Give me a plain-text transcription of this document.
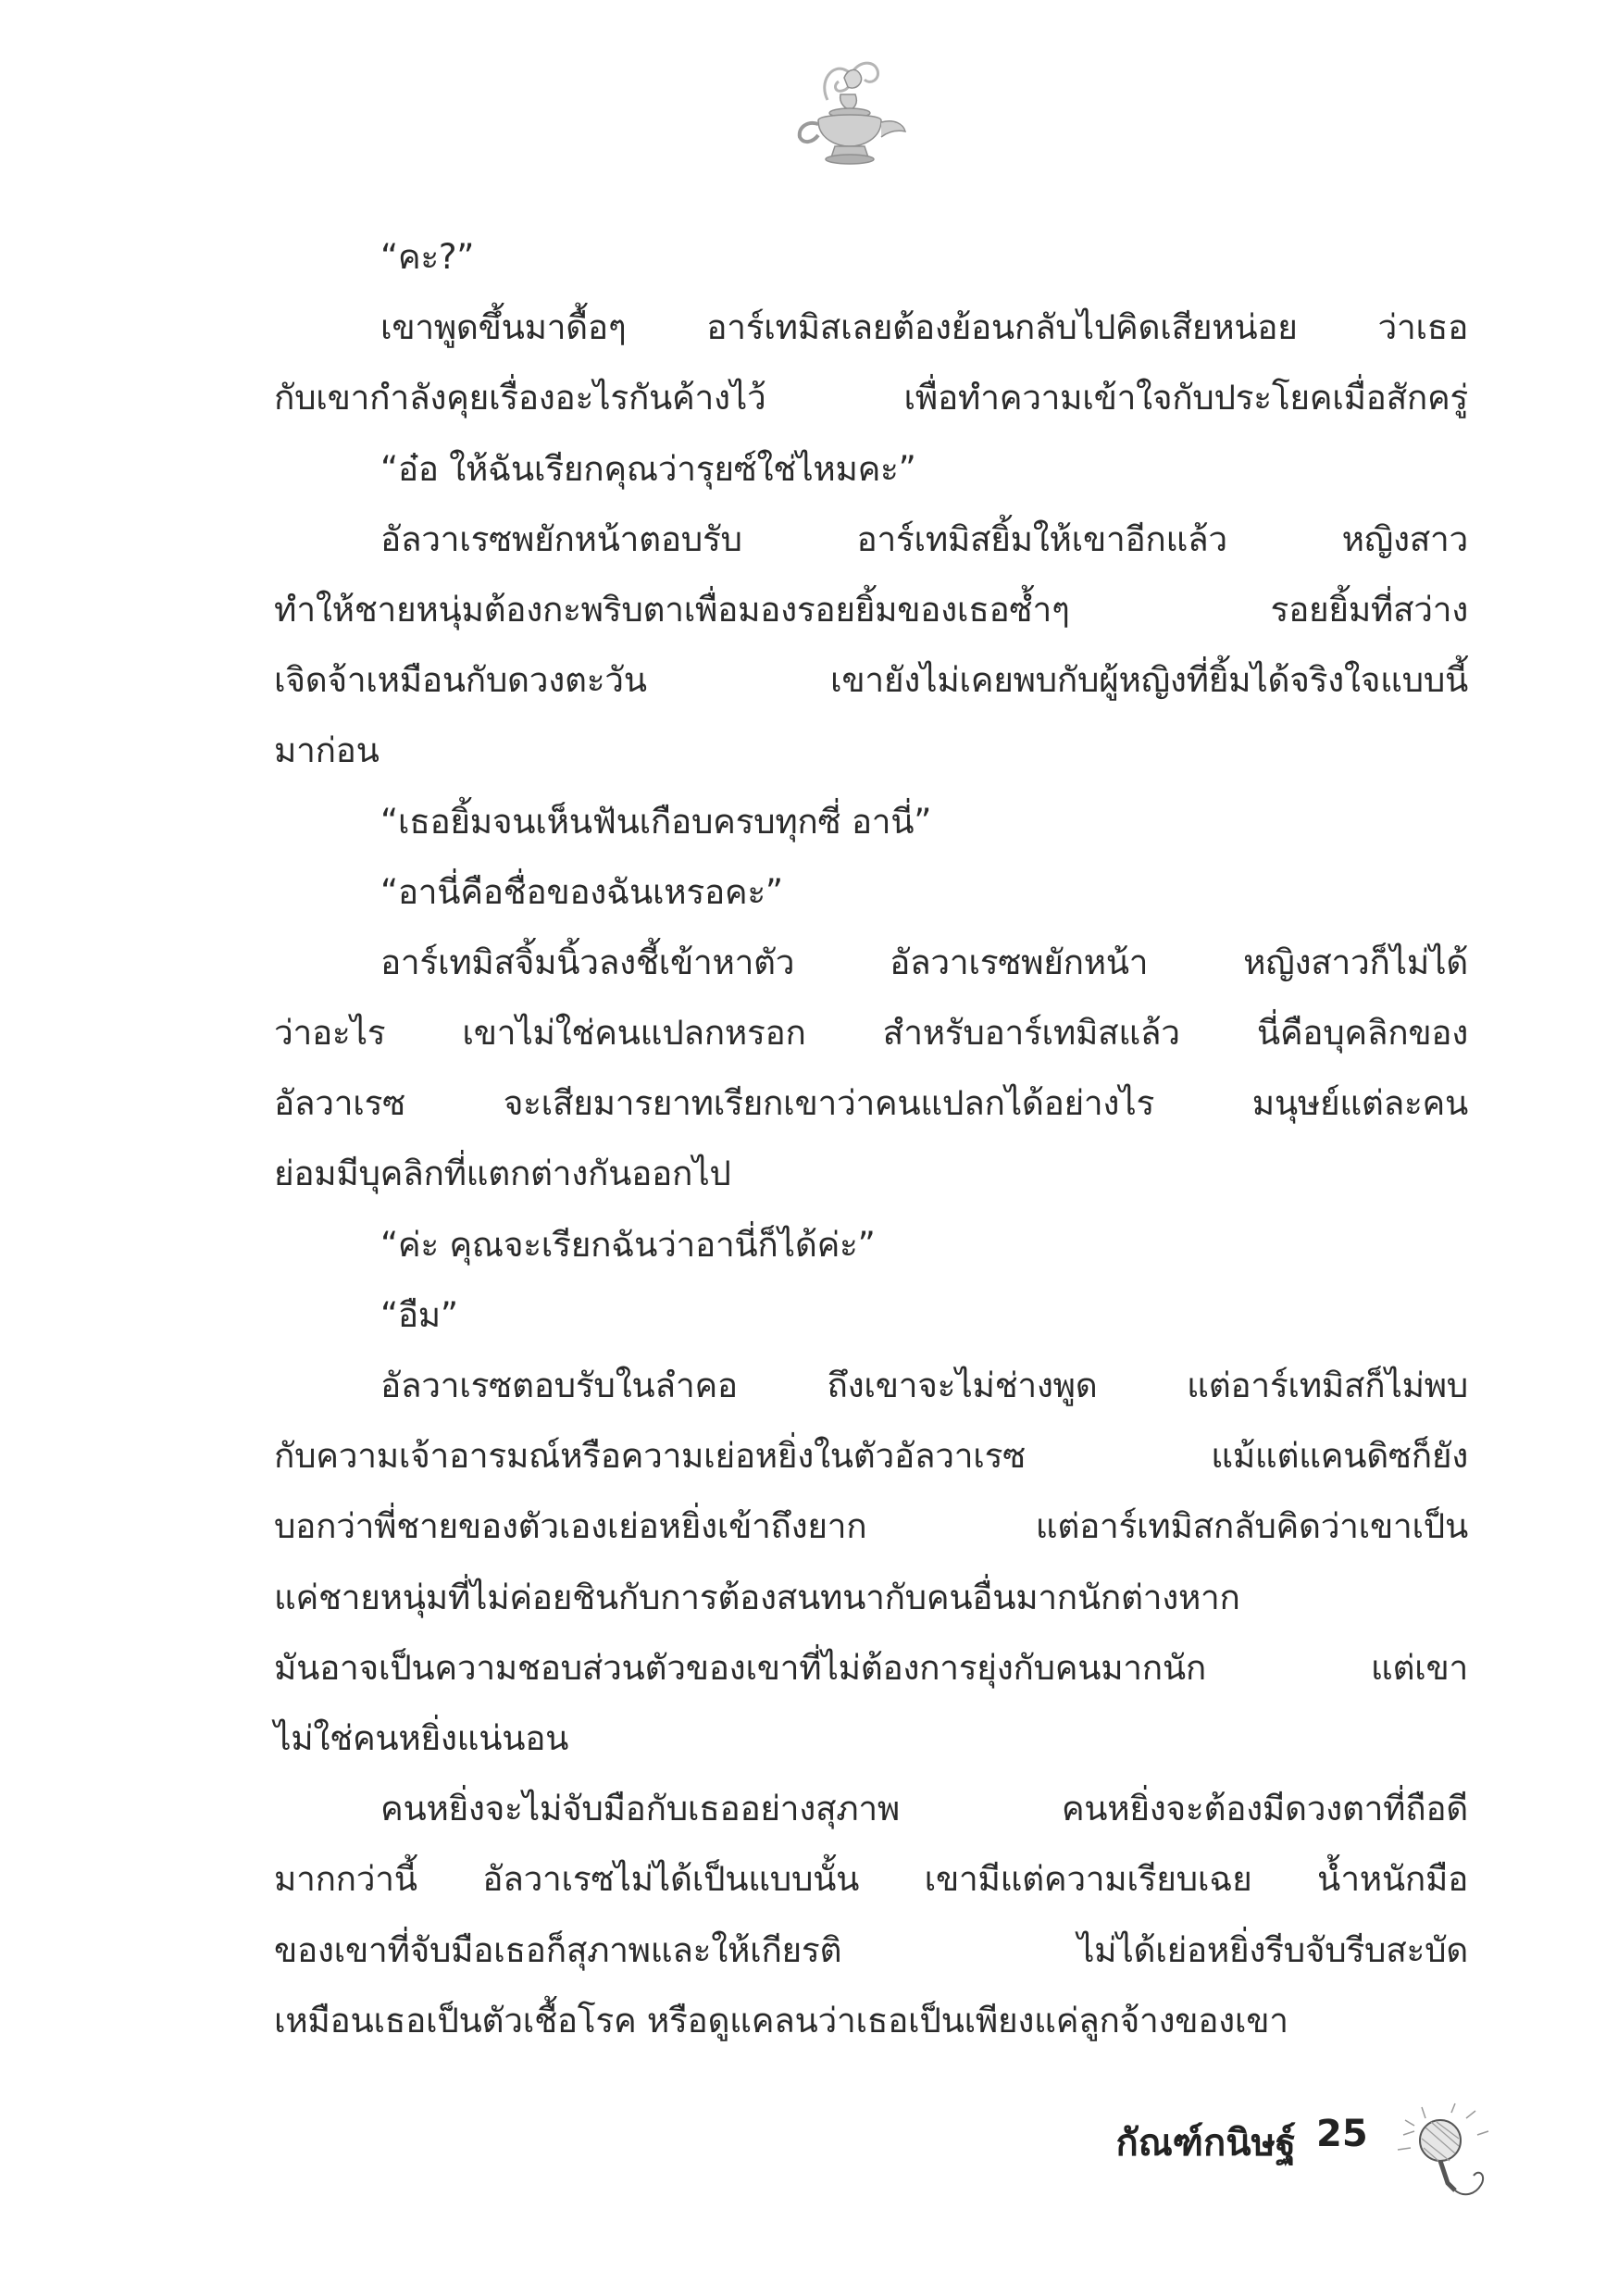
“คะ?”
เขาพูดขึ้นมาดื้อๆ อาร์เทมิสเลยต้องย้อนกลับไปคิดเสียหน่อย ว่าเธอ
กับเขากำลังคุยเรื่องอะไรกันค้างไว้ เพื่อทำความเข้าใจกับประโยคเมื่อสักครู่
“อ๋อ ให้ฉันเรียกคุณว่ารุยซ์ใช่ไหมคะ”
อัลวาเรซพยักหน้าตอบรับ อาร์เทมิสยิ้มให้เขาอีกแล้ว หญิงสาว
ทำให้ชายหนุ่มต้องกะพริบตาเพื่อมองรอยยิ้มของเธอซ้ำๆ รอยยิ้มที่สว่าง
เจิดจ้าเหมือนกับดวงตะวัน เขายังไม่เคยพบกับผู้หญิงที่ยิ้มได้จริงใจแบบนี้
มาก่อน
“เธอยิ้มจนเห็นฟันเกือบครบทุกซี่ อานี่”
“อานี่คือชื่อของฉันเหรอคะ”
อาร์เทมิสจิ้มนิ้วลงชี้เข้าหาตัว อัลวาเรซพยักหน้า หญิงสาวก็ไม่ได้
ว่าอะไร เขาไม่ใช่คนแปลกหรอก สำหรับอาร์เทมิสแล้ว นี่คือบุคลิกของ
อัลวาเรซ จะเสียมารยาทเรียกเขาว่าคนแปลกได้อย่างไร มนุษย์แต่ละคน
ย่อมมีบุคลิกที่แตกต่างกันออกไป
“ค่ะ คุณจะเรียกฉันว่าอานี่ก็ได้ค่ะ”
“อืม”
อัลวาเรซตอบรับในลำคอ ถึงเขาจะไม่ช่างพูด แต่อาร์เทมิสก็ไม่พบ
กับความเจ้าอารมณ์หรือความเย่อหยิ่งในตัวอัลวาเรซ แม้แต่แคนดิซก็ยัง
บอกว่าพี่ชายของตัวเองเย่อหยิ่งเข้าถึงยาก แต่อาร์เทมิสกลับคิดว่าเขาเป็น
แค่ชายหนุ่มที่ไม่ค่อยชินกับการต้องสนทนากับคนอื่นมากนักต่างหาก
มันอาจเป็นความชอบส่วนตัวของเขาที่ไม่ต้องการยุ่งกับคนมากนัก แต่เขา
ไม่ใช่คนหยิ่งแน่นอน
คนหยิ่งจะไม่จับมือกับเธออย่างสุภาพ คนหยิ่งจะต้องมีดวงตาที่ถือดี
มากกว่านี้ อัลวาเรซไม่ได้เป็นแบบนั้น เขามีแต่ความเรียบเฉย น้ำหนักมือ
ของเขาที่จับมือเธอก็สุภาพและให้เกียรติ ไม่ได้เย่อหยิ่งรีบจับรีบสะบัด
เหมือนเธอเป็นตัวเชื้อโรค หรือดูแคลนว่าเธอเป็นเพียงแค่ลูกจ้างของเขา
กัณฑ์กนิษฐ์ 25
